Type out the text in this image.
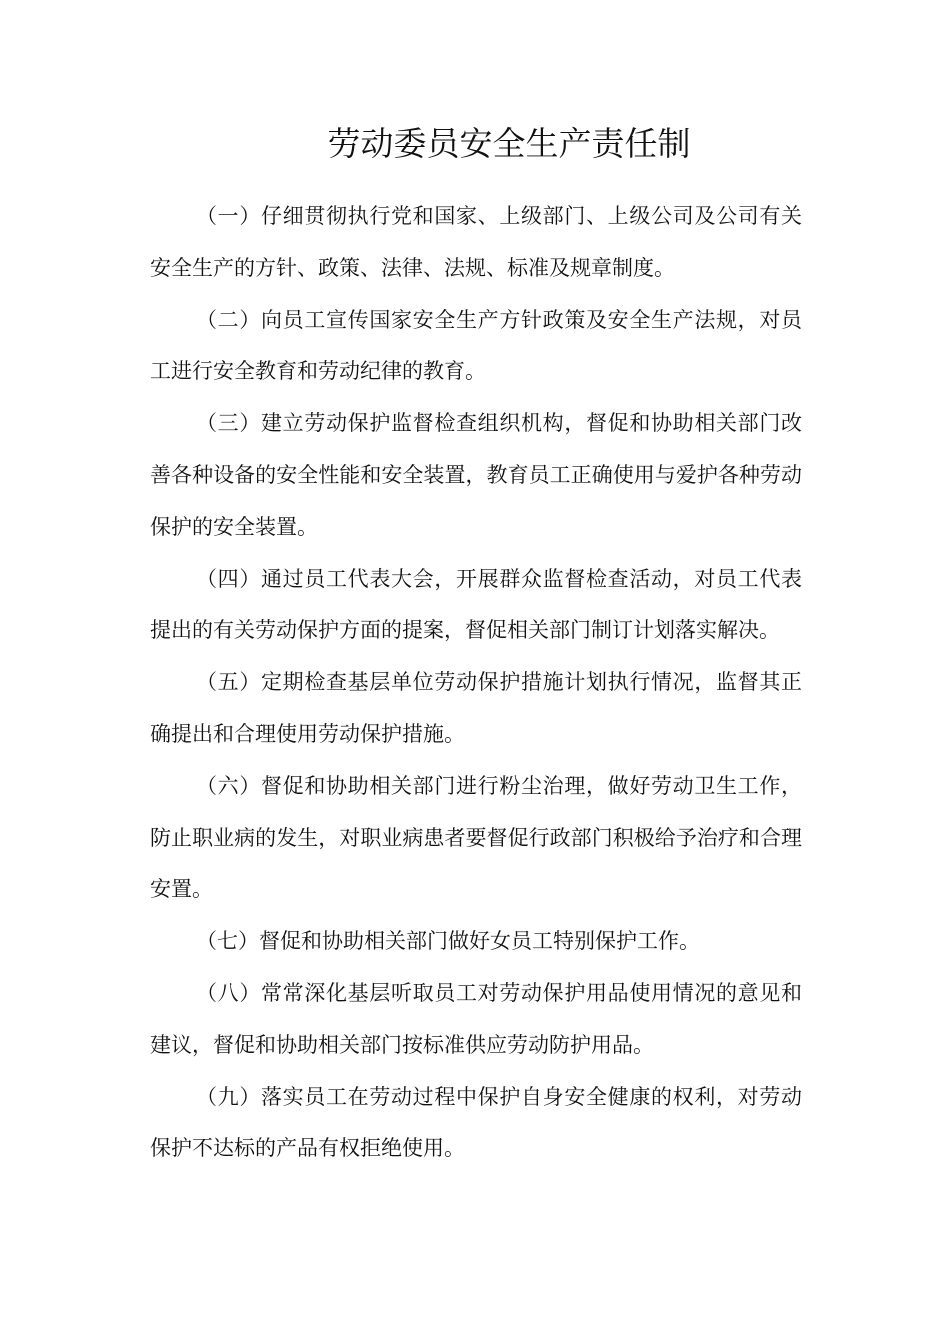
劳动委员安全生产责任制

（一）仔细贯彻执行党和国家、上级部门、上级公司及公司有关安全生产的方针、政策、法律、法规、标准及规章制度。

（二）向员工宣传国家安全生产方针政策及安全生产法规，对员工进行安全教育和劳动纪律的教育。

（三）建立劳动保护监督检查组织机构，督促和协助相关部门改善各种设备的安全性能和安全装置，教育员工正确使用与爱护各种劳动保护的安全装置。

（四）通过员工代表大会，开展群众监督检查活动，对员工代表提出的有关劳动保护方面的提案，督促相关部门制订计划落实解决。

（五）定期检查基层单位劳动保护措施计划执行情况，监督其正确提出和合理使用劳动保护措施。

（六）督促和协助相关部门进行粉尘治理，做好劳动卫生工作，防止职业病的发生，对职业病患者要督促行政部门积极给予治疗和合理安置。

（七）督促和协助相关部门做好女员工特别保护工作。

（八）常常深化基层听取员工对劳动保护用品使用情况的意见和建议，督促和协助相关部门按标准供应劳动防护用品。

（九）落实员工在劳动过程中保护自身安全健康的权利，对劳动保护不达标的产品有权拒绝使用。
